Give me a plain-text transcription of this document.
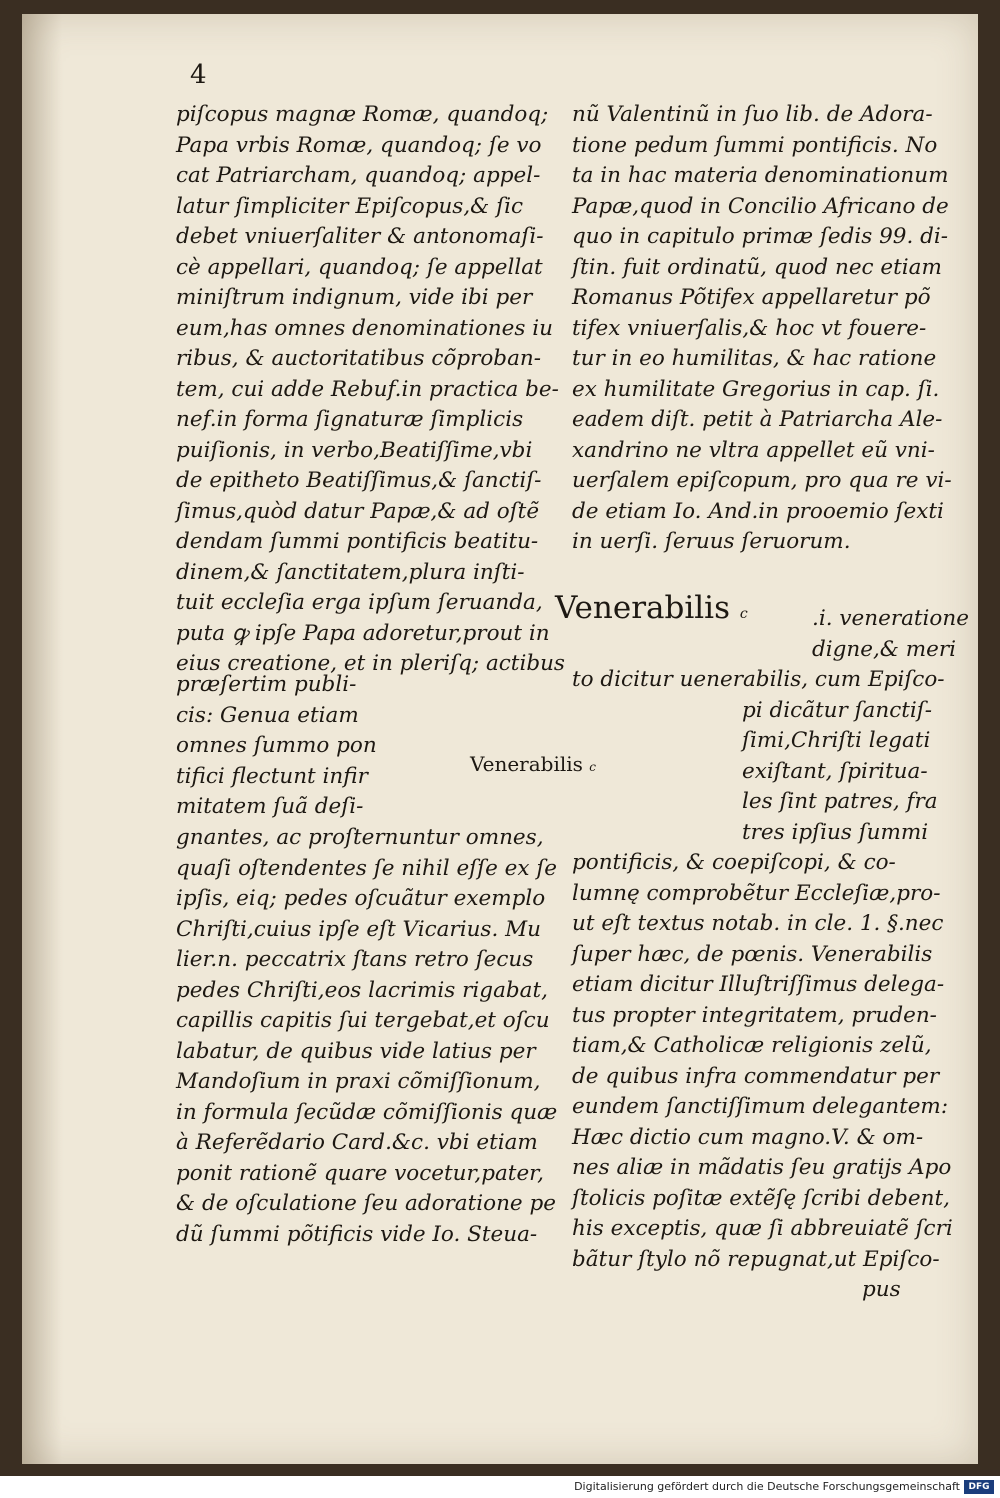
4
piſcopus magnæ Romæ, quandoq;
Papa vrbis Romæ, quandoq; ſe vo
cat Patriarcham, quandoq; appel-
latur ſimpliciter Epiſcopus,& ſic
debet vniuerſaliter & antonomaſi-
cè appellari, quandoq; ſe appellat
miniſtrum indignum, vide ibi per
eum,has omnes denominationes iu
ribus, & auctoritatibus cõproban-
tem, cui adde Rebuf.in practica be-
nef.in forma ſignaturæ ſimplicis
puiſionis, in verbo,Beatiſſime,vbi
de epitheto Beatiſſimus,& ſanctiſ-
ſimus,quòd datur Papæ,& ad oſtẽ
dendam ſummi pontificis beatitu-
dinem,& ſanctitatem,plura inſti-
tuit eccleſia erga ipſum ſeruanda,
puta ꝙ ipſe Papa adoretur,prout in
eius creatione, et in pleriſq; actibus
præſertim publi-
cis: Genua etiam
omnes ſummo pon
tifici flectunt infir
mitatem ſuã deſi-
gnantes, ac proſternuntur omnes,
quaſi oſtendentes ſe nihil eſſe ex ſe
ipſis, eiq; pedes oſcuãtur exemplo
Chriſti,cuius ipſe eſt Vicarius. Mu
lier.n. peccatrix ſtans retro ſecus
pedes Chriſti,eos lacrimis rigabat,
capillis capitis ſui tergebat,et oſcu
labatur, de quibus vide latius per
Mandoſium in praxi cõmiſſionum,
in formula ſecũdæ cõmiſſionis quæ
à Referẽdario Card.&c. vbi etiam
ponit rationẽ quare vocetur,pater,
& de oſculatione ſeu adoratione pe
dũ ſummi põtificis vide Io. Steua-
nũ Valentinũ in ſuo lib. de Adora-
tione pedum ſummi pontificis. No
ta in hac materia denominationum
Papæ,quod in Concilio Africano de
quo in capitulo primæ ſedis 99. di-
ſtin. fuit ordinatũ, quod nec etiam
Romanus Põtifex appellaretur põ
tifex vniuerſalis,& hoc vt fouere-
tur in eo humilitas, & hac ratione
ex humilitate Gregorius in cap. ſi.
eadem diſt. petit à Patriarcha Ale-
xandrino ne vltra appellet eũ vni-
uerſalem epiſcopum, pro qua re vi-
de etiam Io. And.in prooemio ſexti
in uerſi. ſeruus ſeruorum.
Venerabilis c
Venerabilis c
.i. veneratione
digne,& meri
to dicitur uenerabilis, cum Epiſco-
pi dicãtur ſanctiſ-
ſimi,Chriſti legati
exiſtant, ſpiritua-
les ſint patres, fra
tres ipſius ſummi
pontificis, & coepiſcopi, & co-
lumnę comprobẽtur Eccleſiæ,pro-
ut eſt textus notab. in cle. 1. §.nec
ſuper hæc, de pœnis. Venerabilis
etiam dicitur Illuſtriſſimus delega-
tus propter integritatem, pruden-
tiam,& Catholicæ religionis zelũ,
de quibus infra commendatur per
eundem ſanctiſſimum delegantem:
Hæc dictio cum magno.V. & om-
nes aliæ in mãdatis ſeu gratijs Apo
ſtolicis poſitæ extẽſę ſcribi debent,
his exceptis, quæ ſi abbreuiatẽ ſcri
bãtur ſtylo nõ repugnat,ut Epiſco-
pus
Digitalisierung gefördert durch die Deutsche Forschungsgemeinschaft DFG
